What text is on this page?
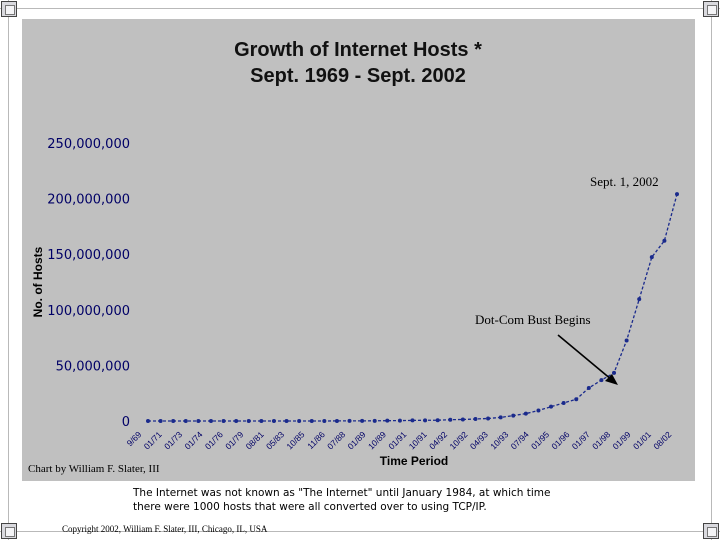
Growth of Internet Hosts *
Sept. 1969 - Sept. 2002
0
50,000,000
100,000,000
150,000,000
200,000,000
250,000,000
No. of Hosts
9/69
01/71
01/73
01/74
01/76
01/79
08/81
05/83
10/85
11/86
07/88
01/89
10/89
01/91
10/91
04/92
10/92
04/93
10/93
07/94
01/95
01/96
01/97
01/98
01/99
01/01
08/02
Time Period
Sept. 1, 2002
Dot-Com Bust Begins
Chart by William F. Slater, III
The Internet was not known as "The Internet" until January 1984, at which time there were 1000 hosts that were all converted over to using TCP/IP.
Copyright 2002, William F. Slater, III, Chicago, IL, USA
